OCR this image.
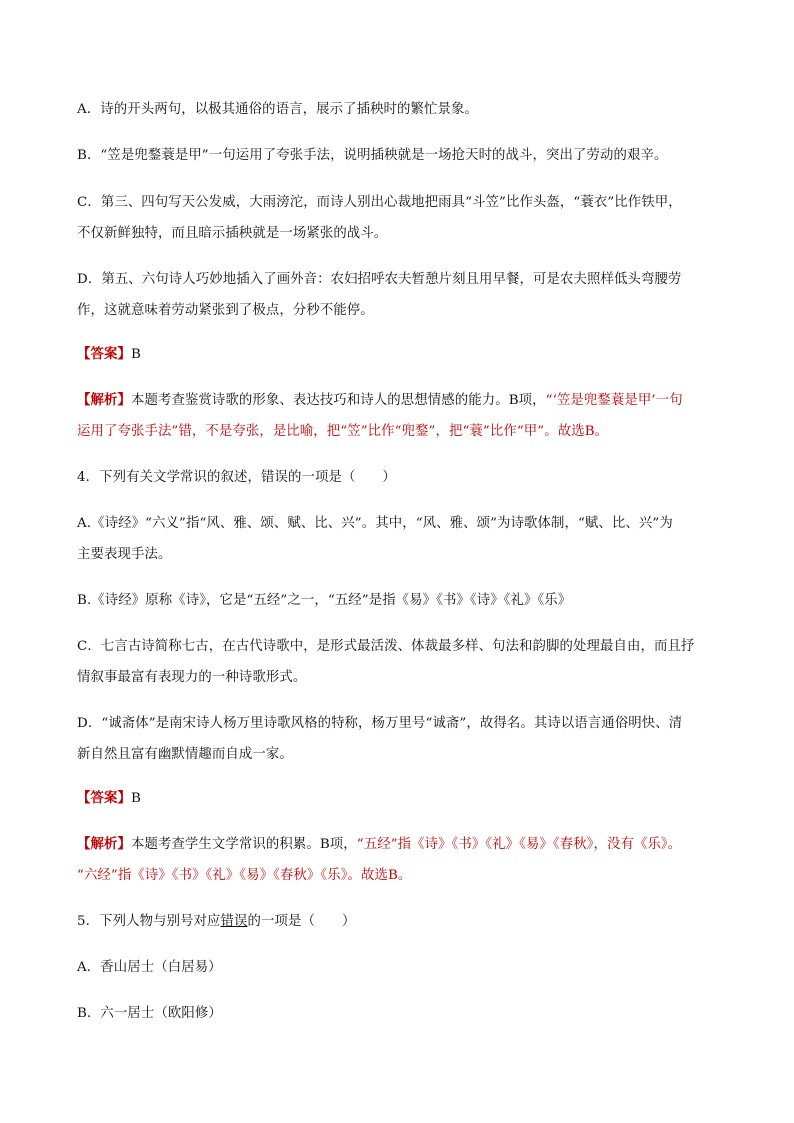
A．诗的开头两句，以极其通俗的语言，展示了插秧时的繁忙景象。
B．“笠是兜鍪蓑是甲”一句运用了夸张手法，说明插秧就是一场抢天时的战斗，突出了劳动的艰辛。
C．第三、四句写天公发威，大雨滂沱，而诗人别出心裁地把雨具“斗笠”比作头盔，“蓑衣”比作铁甲，
不仅新鲜独特，而且暗示插秧就是一场紧张的战斗。
D．第五、六句诗人巧妙地插入了画外音：农妇招呼农夫暂憩片刻且用早餐，可是农夫照样低头弯腰劳
作，这就意味着劳动紧张到了极点，分秒不能停。
【答案】B
【解析】本题考查鉴赏诗歌的形象、表达技巧和诗人的思想情感的能力。B项，“‘笠是兜鍪蓑是甲’一句
运用了夸张手法”错，不是夸张，是比喻，把“笠”比作“兜鍪”，把“蓑”比作“甲”。故选B。
4．下列有关文学常识的叙述，错误的一项是（　　）
A.《诗经》“六义”指“风、雅、颂、赋、比、兴”。其中，“风、雅、颂”为诗歌体制，“赋、比、兴”为
主要表现手法。
B.《诗经》原称《诗》，它是“五经”之一，“五经”是指《易》《书》《诗》《礼》《乐》
C．七言古诗简称七古，在古代诗歌中，是形式最活泼、体裁最多样、句法和韵脚的处理最自由，而且抒
情叙事最富有表现力的一种诗歌形式。
D．“诚斋体”是南宋诗人杨万里诗歌风格的特称，杨万里号“诚斋”，故得名。其诗以语言通俗明快、清
新自然且富有幽默情趣而自成一家。
【答案】B
【解析】本题考查学生文学常识的积累。B项，“五经”指《诗》《书》《礼》《易》《春秋》，没有《乐》。
“六经”指《诗》《书》《礼》《易》《春秋》《乐》。故选B。
5．下列人物与别号对应错误的一项是（　　）
A．香山居士（白居易）
B．六一居士（欧阳修）
